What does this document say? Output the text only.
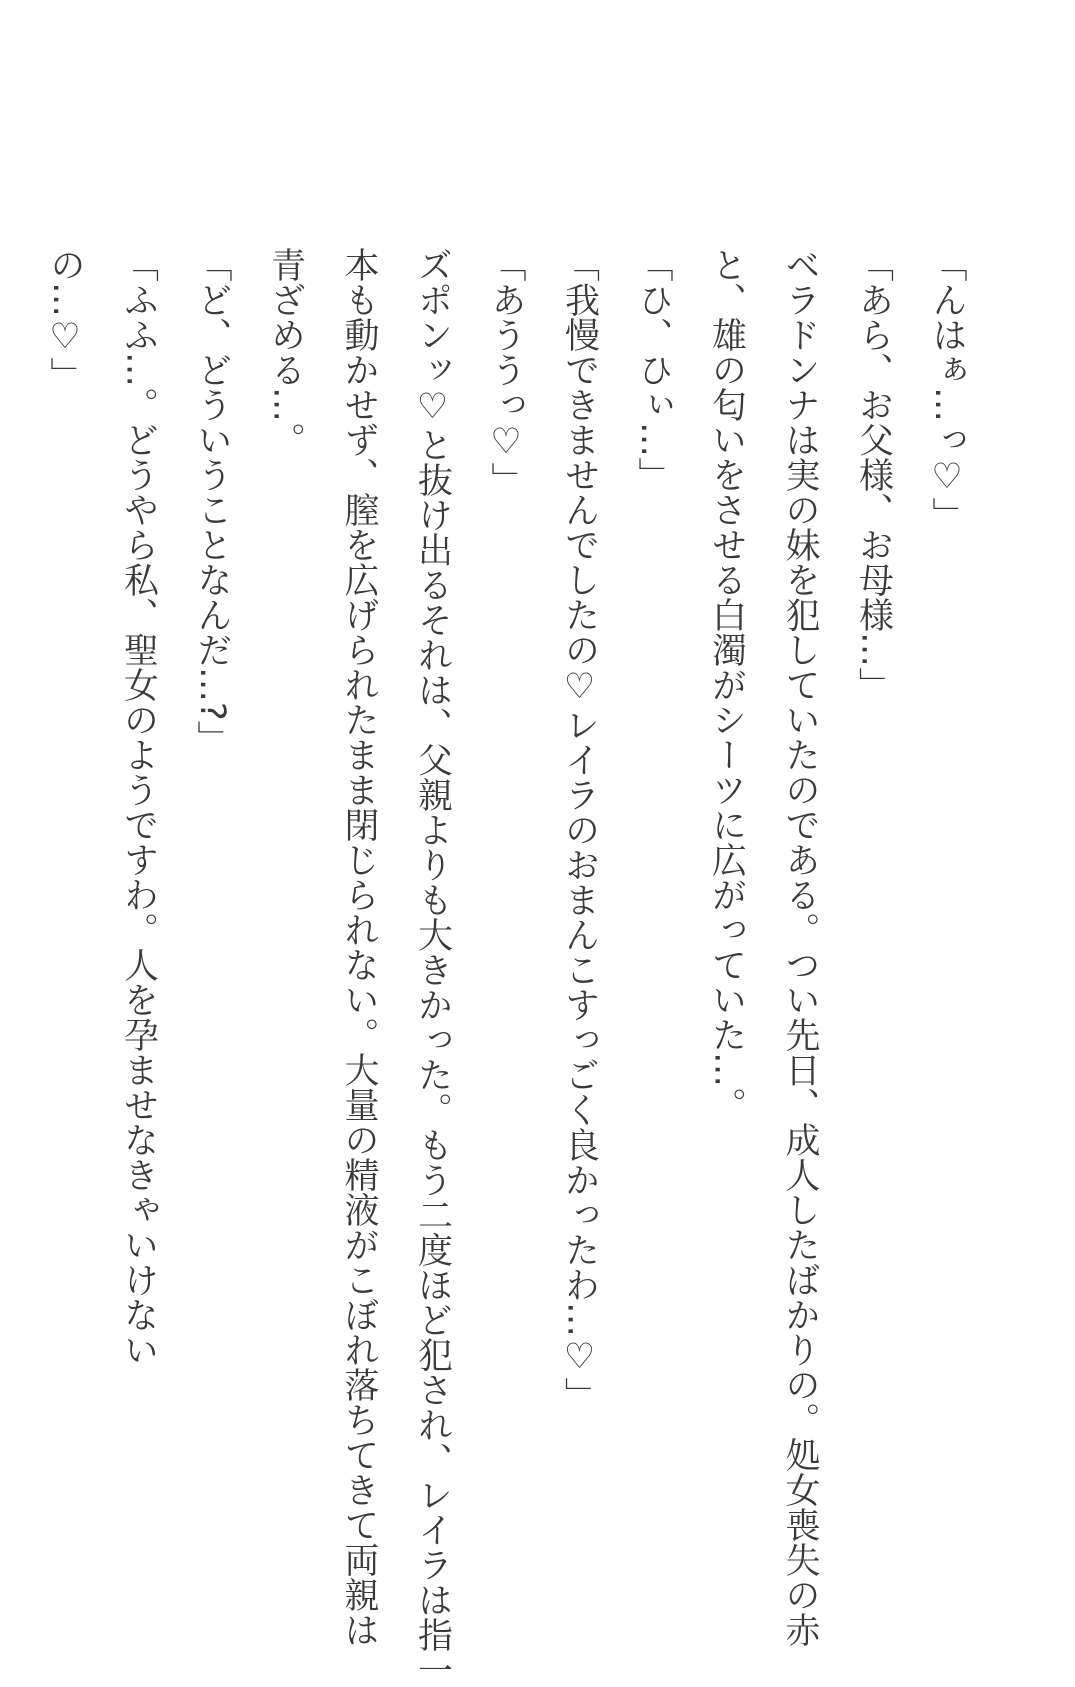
「んはぁ…っ♡」

「あら、お父様、お母様…」

ベラドンナは実の妹を犯していたのである。つい先日、成人したばかりの。処女喪失の赤

と、雄の匂いをさせる白濁がシーツに広がっていた…。

「ひ、ひぃ…」

「我慢できませんでしたの♡レイラのおまんこすっごく良かったわ…♡」

「あううっ♡」

ズポンッ♡と抜け出るそれは、父親よりも大きかった。もう二度ほど犯され、レイラは指一

本も動かせず、膣を広げられたまま閉じられない。大量の精液がこぼれ落ちてきて両親は

青ざめる…。

「ど、どういうことなんだ…?」

「ふふ…。どうやら私、聖女のようですわ。人を孕ませなきゃいけないの…♡」
